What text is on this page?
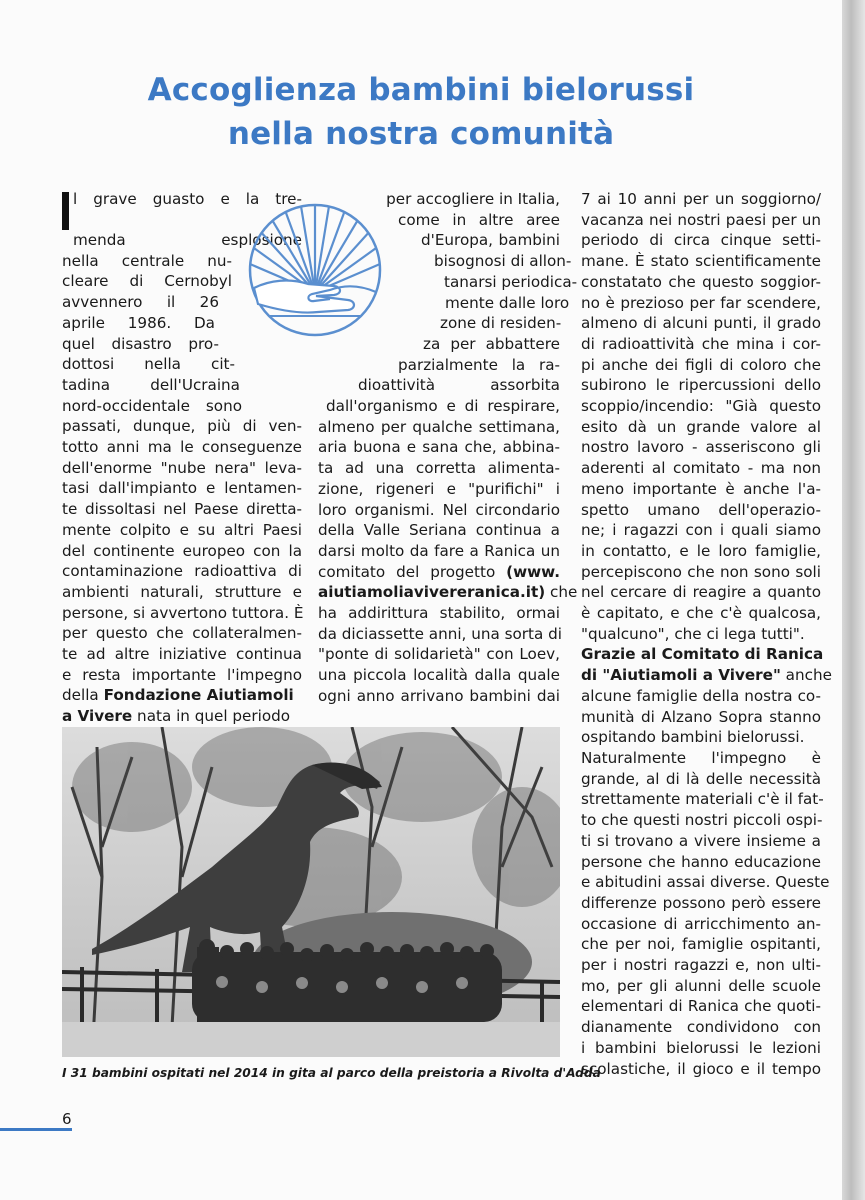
Accoglienza bambini bielorussi
nella nostra comunità
l grave guasto e la tre-
menda esplosione
nella centrale nu-
cleare di Cernobyl
avvennero il 26
aprile 1986. Da
quel disastro pro-
dottosi nella cit-
tadina dell'Ucraina
nord-occidentale sono
passati, dunque, più di ven-
totto anni ma le conseguenze
dell'enorme "nube nera" leva-
tasi dall'impianto e lentamen-
te dissoltasi nel Paese diretta-
mente colpito e su altri Paesi
del continente europeo con la
contaminazione radioattiva di
ambienti naturali, strutture e
persone, si avvertono tuttora. È
per questo che collateralmen-
te ad altre iniziative continua
e resta importante l'impegno
della Fondazione Aiutiamoli
a Vivere nata in quel periodo
per accogliere in Italia,
come in altre aree
d'Europa, bambini
bisognosi di allon-
tanarsi periodica-
mente dalle loro
zone di residen-
za per abbattere
parzialmente la ra-
dioattività assorbita
dall'organismo e di respirare,
almeno per qualche settimana,
aria buona e sana che, abbina-
ta ad una corretta alimenta-
zione, rigeneri e "purifichi" i
loro organismi. Nel circondario
della Valle Seriana continua a
darsi molto da fare a Ranica un
comitato del progetto (www.
aiutiamoliavivereranica.it) che
ha addirittura stabilito, ormai
da diciassette anni, una sorta di
"ponte di solidarietà" con Loev,
una piccola località dalla quale
ogni anno arrivano bambini dai
7 ai 10 anni per un soggiorno/
vacanza nei nostri paesi per un
periodo di circa cinque setti-
mane. È stato scientificamente
constatato che questo soggior-
no è prezioso per far scendere,
almeno di alcuni punti, il grado
di radioattività che mina i cor-
pi anche dei figli di coloro che
subirono le ripercussioni dello
scoppio/incendio: "Già questo
esito dà un grande valore al
nostro lavoro - asseriscono gli
aderenti al comitato - ma non
meno importante è anche l'a-
spetto umano dell'operazio-
ne; i ragazzi con i quali siamo
in contatto, e le loro famiglie,
percepiscono che non sono soli
nel cercare di reagire a quanto
è capitato, e che c'è qualcosa,
"qualcuno", che ci lega tutti".
Grazie al Comitato di Ranica
di "Aiutiamoli a Vivere" anche
alcune famiglie della nostra co-
munità di Alzano Sopra stanno
ospitando bambini bielorussi.
Naturalmente l'impegno è
grande, al di là delle necessità
strettamente materiali c'è il fat-
to che questi nostri piccoli ospi-
ti si trovano a vivere insieme a
persone che hanno educazione
e abitudini assai diverse. Queste
differenze possono però essere
occasione di arricchimento an-
che per noi, famiglie ospitanti,
per i nostri ragazzi e, non ulti-
mo, per gli alunni delle scuole
elementari di Ranica che quoti-
dianamente condividono con
i bambini bielorussi le lezioni
scolastiche, il gioco e il tempo
I 31 bambini ospitati nel 2014 in gita al parco della preistoria a Rivolta d'Adda
6
